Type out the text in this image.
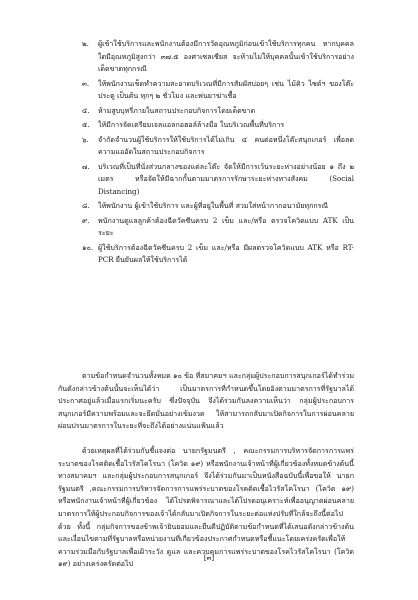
๒.	ผู้เข้าใช้บริการและพนักงานต้องมีการวัดอุณหภูมิก่อนเข้าใช้บริการทุกคน หากบุคคลใดมีอุณหภูมิสูงกว่า ๓๗.๕ องศาเซลเซียส จะห้ามไม่ให้บุคคลนั้นเข้าใช้บริการอย่างเด็ดขาดทุกกรณี
๓.	ให้พนักงานเช็ดทำความสะอาดบริเวณที่มีการสัมผัสบ่อยๆ เช่น ไม้คิว ไซด์ฯ ของโต๊ะ ประตู เป็นต้น ทุกๆ ๒ ชั่วโมง และพ่นยาฆ่าเชื้อ
๔.	ห้ามสูบบุหรี่ภายในสถานประกอบกิจการโดยเด็ดขาด
๕.	ให้มีการจัดเตรียมเจลแอลกอฮอล์ล้างมือ ในบริเวณพื้นที่บริการ
๖.	จำกัดจำนวนผู้ใช้บริการให้ใช้บริการได้ไม่เกิน ๔ คนต่อหนึ่งโต๊ะสนุกเกอร์ เพื่อลดความแออัดในสถานประกอบกิจการ
๗.	บริเวณที่เป็นที่นั่งส่วนกลางของแต่ละโต๊ะ จัดให้มีการเว้นระยะห่างอย่างน้อย ๑ ถึง ๒ เมตร หรือจัดให้มีฉากกั้นตามมาตรการรักษาระยะห่างทางสังคม (Social Distancing)
๘.	ให้พนักงาน ผู้เข้าใช้บริการ และผู้ที่อยู่ในพื้นที่ สวมใส่หน้ากากอนามัยทุกกรณี
๙.	พนักงานดูแลลูกค้าต้องฉีดวัคซีนครบ 2 เข็ม และ/หรือ ตรวจโควิดแบบ ATK เป็นระยะ
๑๐. ผู้ใช้บริการต้องฉีดวัคซีนครบ 2 เข็ม และ/หรือ มีผลตรวจโควิดแบบ ATK หรือ RT-PCR ยืนยันผลให้ใช้บริการได้

ตามข้อกำหนดจำนวนทั้งหมด ๑๐ ข้อ ที่สมาคมฯ และกลุ่มผู้ประกอบการสนุกเกอร์ได้ทำร่วมกันดังกล่าวข้างต้นนั้นจะเห็นได้ว่า เป็นมาตรการที่กำหนดขึ้นโดยอิงตามมาตรการที่รัฐบาลได้ประกาศอยู่แล้วเมื่อแรกเริ่มนะครับ ซึ่งปัจจุบัน จึงได้ร่วมกันลงความเห็นว่า กลุ่มผู้ประกอบการสนุกเกอร์มีความพร้อมและจะยึดมั่นอย่างเข้มงวด ให้สามารถกลับมาเปิดกิจการในการผ่อนคลายผ่อนปรนมาตรการในระยะที่จะถึงได้อย่างแน่นแฟ้นแล้ว

ด้วยเหตุผลที่ได้ร่วมกันชี้แจงต่อ นายกรัฐมนตรี , คณะกรรมการบริหารจัดการการแพร่ระบาดของโรคติดเชื้อไวรัสโคโรนา (โควิด ๑๙) หรือพนักงานเจ้าหน้าที่ผู้เกี่ยวข้องทั้งหมดข้างต้นนี้ ทางสมาคมฯ และกลุ่มผู้ประกอบการสนุกเกอร์ จึงได้ร่วมกันมาเป็นหนังสือฉบับนี้เพื่อขอให้ นายกรัฐมนตรี ,คณะกรรมการบริหารจัดการการแพร่ระบาดของโรคติดเชื้อไวรัสโคโรนา (โควิด ๑๙) หรือพนักงานเจ้าหน้าที่ผู้เกี่ยวข้อง ได้โปรดพิจารณาและได้โปรดอนุเคราะห์เพื่ออนุญาตผ่อนคลายมาตรการให้ผู้ประกอบกิจการของเจ้าได้กลับมาเปิดกิจการในระยะต่อแห่งปรับที่ใกล้จะถึงนี้ต่อไปด้วย ทั้งนี้ กลุ่มกิจการของข้าพเจ้ายินยอมและยืนดีปฏิบัติตามข้อกำหนดที่ได้เสนอดังกล่าวข้างต้น และเงื่อนไขตามที่รัฐบาลหรือหน่วยงานที่เกี่ยวข้องประกาศกำหนดหรือชี้แนะโดยเคร่งครัดเพื่อให้ความร่วมมือกับรัฐบาลเพื่อเฝ้าระวัง ดูแล และควบคุมการแพร่ระบาดของโรคไวรัสโคโรนา (โควิด ๑๙) อย่างเคร่งครัดต่อไป

[๓]
